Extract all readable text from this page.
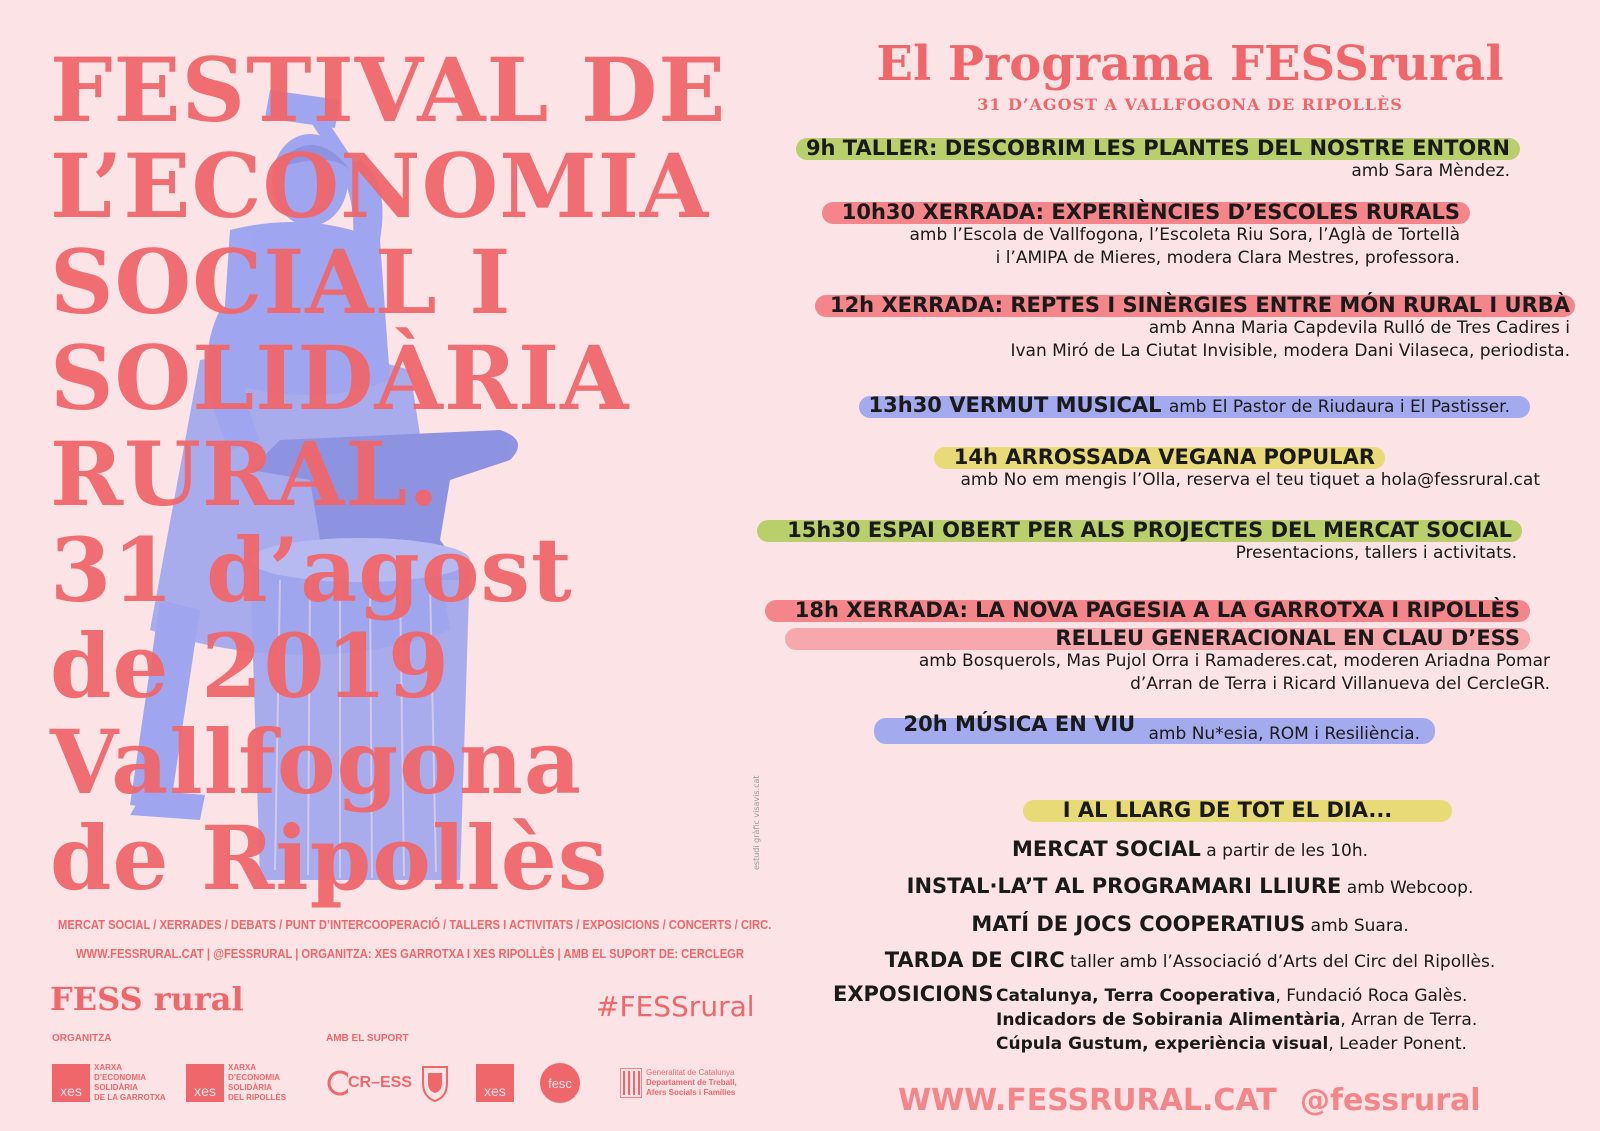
FESTIVAL DE
L’ECONOMIA
SOCIAL I
SOLIDÀRIA
RURAL.
31 d’agost
de 2019
Vallfogona
de Ripollès	estudi gràfic visavis.cat
MERCAT SOCIAL / XERRADES / DEBATS / PUNT D’INTERCOOPERACIÓ / TALLERS I ACTIVITATS / EXPOSICIONS / CONCERTS / CIRC.
WWW.FESSRURAL.CAT | @FESSRURAL | ORGANITZA: XES GARROTXA I XES RIPOLLÈS | AMB EL SUPORT DE: CERCLEGR
FESS rural	#FESSrural
ORGANITZA	AMB EL SUPORT
xes
XARXA
D’ECONOMIA
SOLIDÀRIA
DE LA GARROTXA	xes
XARXA
D’ECONOMIA
SOLIDÀRIA
DEL RIPOLLÈS
CR–ESS	xes	fesc
Generalitat de Catalunya
Departament de Treball,
Afers Socials i Famílies
El Programa FESSrural
31 D’AGOST A VALLFOGONA DE RIPOLLÈS
9h TALLER: DESCOBRIM LES PLANTES DEL NOSTRE ENTORN
amb Sara Mèndez.
10h30 XERRADA: EXPERIÈNCIES D’ESCOLES RURALS
amb l’Escola de Vallfogona, l’Escoleta Riu Sora, l’Aglà de Tortellà
i l’AMIPA de Mieres, modera Clara Mestres, professora.
12h XERRADA: REPTES I SINÈRGIES ENTRE MÓN RURAL I URBÀ
amb Anna Maria Capdevila Rulló de Tres Cadires i
Ivan Miró de La Ciutat Invisible, modera Dani Vilaseca, periodista.
13h30 VERMUT MUSICAL amb El Pastor de Riudaura i El Pastisser.
14h ARROSSADA VEGANA POPULAR
amb No em mengis l’Olla, reserva el teu tiquet a hola@fessrural.cat
15h30 ESPAI OBERT PER ALS PROJECTES DEL MERCAT SOCIAL
Presentacions, tallers i activitats.
18h XERRADA: LA NOVA PAGESIA A LA GARROTXA I RIPOLLÈS
RELLEU GENERACIONAL EN CLAU D’ESS
amb Bosquerols, Mas Pujol Orra i Ramaderes.cat, moderen Ariadna Pomar
d’Arran de Terra i Ricard Villanueva del CercleGR.
20h MÚSICA EN VIU $_{amb Nu*esia, ROM i Resiliència.}$
I AL LLARG DE TOT EL DIA...
MERCAT SOCIAL a partir de les 10h.
INSTAL·LA’T AL PROGRAMARI LLIURE amb Webcoop.
MATÍ DE JOCS COOPERATIUS amb Suara.
TARDA DE CIRC taller amb l’Associació d’Arts del Circ del Ripollès.
EXPOSICIONS Catalunya, Terra Cooperativa, Fundació Roca Galès.
Indicadors de Sobirania Alimentària, Arran de Terra.
Cúpula Gustum, experiència visual, Leader Ponent.
WWW.FESSRURAL.CAT @fessrural
